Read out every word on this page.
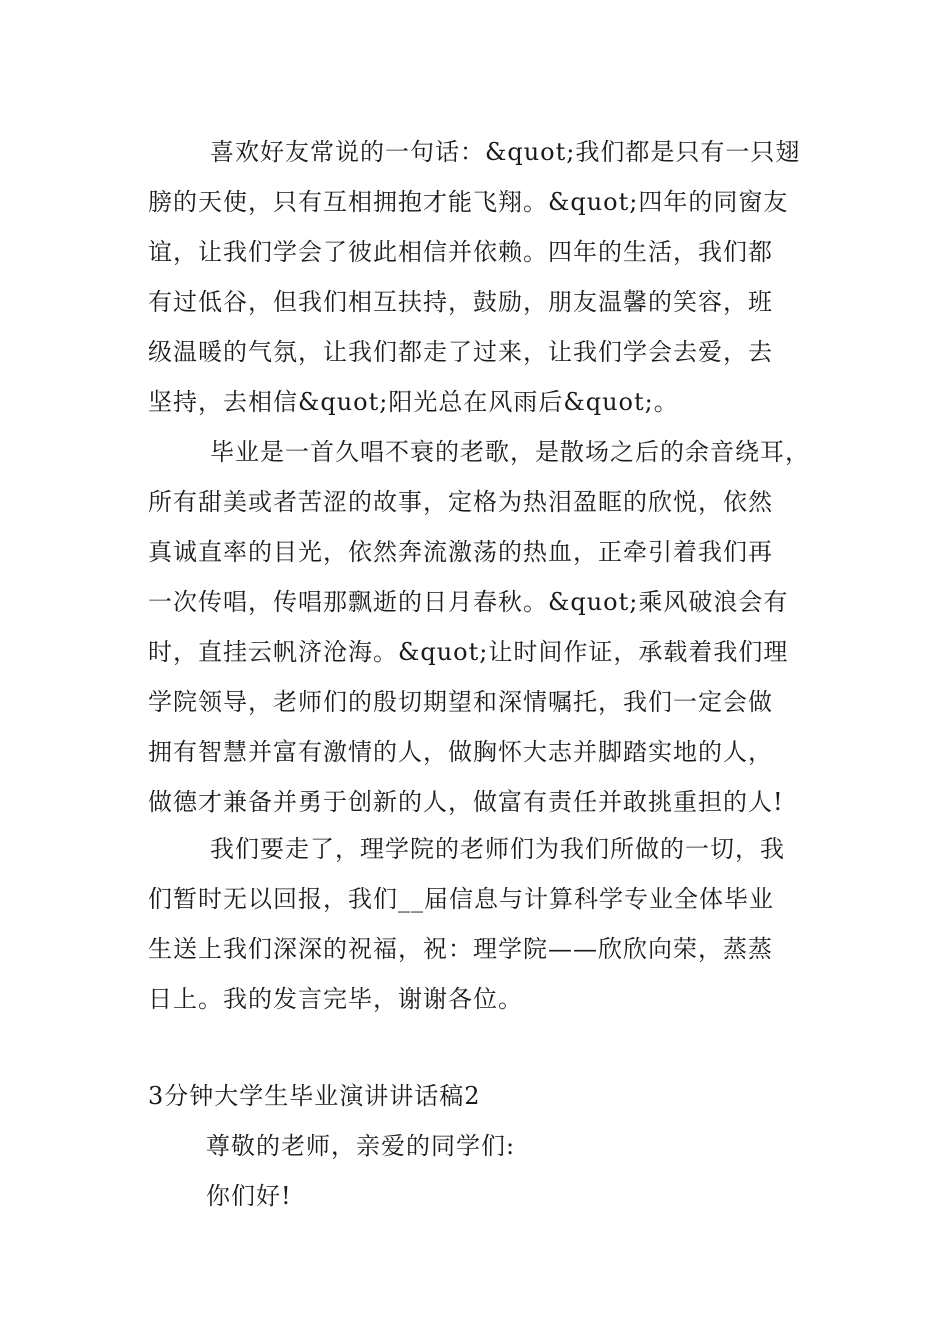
喜欢好友常说的一句话：&quot;我们都是只有一只翅
膀的天使，只有互相拥抱才能飞翔。&quot;四年的同窗友
谊，让我们学会了彼此相信并依赖。四年的生活，我们都
有过低谷，但我们相互扶持，鼓励，朋友温馨的笑容，班
级温暖的气氛，让我们都走了过来，让我们学会去爱，去
坚持，去相信&quot;阳光总在风雨后&quot;。
毕业是一首久唱不衰的老歌，是散场之后的余音绕耳，
所有甜美或者苦涩的故事，定格为热泪盈眶的欣悦，依然
真诚直率的目光，依然奔流激荡的热血，正牵引着我们再
一次传唱，传唱那飘逝的日月春秋。&quot;乘风破浪会有
时，直挂云帆济沧海。&quot;让时间作证，承载着我们理
学院领导，老师们的殷切期望和深情嘱托，我们一定会做
拥有智慧并富有激情的人，做胸怀大志并脚踏实地的人，
做德才兼备并勇于创新的人，做富有责任并敢挑重担的人!
我们要走了，理学院的老师们为我们所做的一切，我
们暂时无以回报，我们__届信息与计算科学专业全体毕业
生送上我们深深的祝福，祝：理学院——欣欣向荣，蒸蒸
日上。我的发言完毕，谢谢各位。
3分钟大学生毕业演讲讲话稿2
尊敬的老师，亲爱的同学们:
你们好!
